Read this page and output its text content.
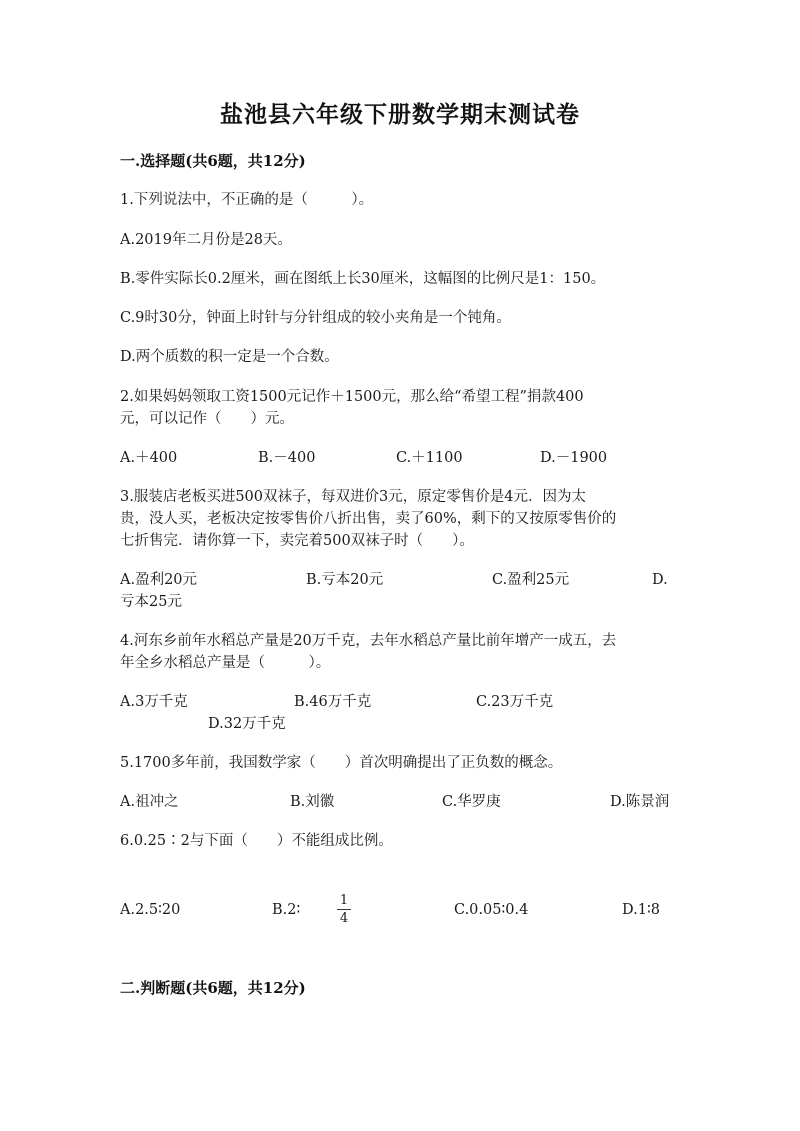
盐池县六年级下册数学期末测试卷
一.选择题(共6题，共12分)
1.下列说法中，不正确的是（　　　）。
A.2019年二月份是28天。
B.零件实际长0.2厘米，画在图纸上长30厘米，这幅图的比例尺是1：150。
C.9时30分，钟面上时针与分针组成的较小夹角是一个钝角。
D.两个质数的积一定是一个合数。
2.如果妈妈领取工资1500元记作＋1500元，那么给“希望工程”捐款400
元，可以记作（　　）元。
A.＋400	B.－400	C.＋1100	D.－1900
3.服装店老板买进500双袜子，每双进价3元，原定零售价是4元．因为太
贵，没人买，老板决定按零售价八折出售，卖了60%，剩下的又按原零售价的
七折售完．请你算一下，卖完着500双袜子时（　　）。
A.盈利20元	B.亏本20元	C.盈利25元	D.
亏本25元
4.河东乡前年水稻总产量是20万千克，去年水稻总产量比前年增产一成五，去
年全乡水稻总产量是（　　　）。
A.3万千克	B.46万千克	C.23万千克
D.32万千克
5.1700多年前，我国数学家（　　）首次明确提出了正负数的概念。
A.祖冲之	B.刘徽	C.华罗庚	D.陈景润
6.0.25∶2与下面（　　）不能组成比例。
A.2.5∶20	B.2∶
1
4
C.0.05∶0.4	D.1∶8
二.判断题(共6题，共12分)
